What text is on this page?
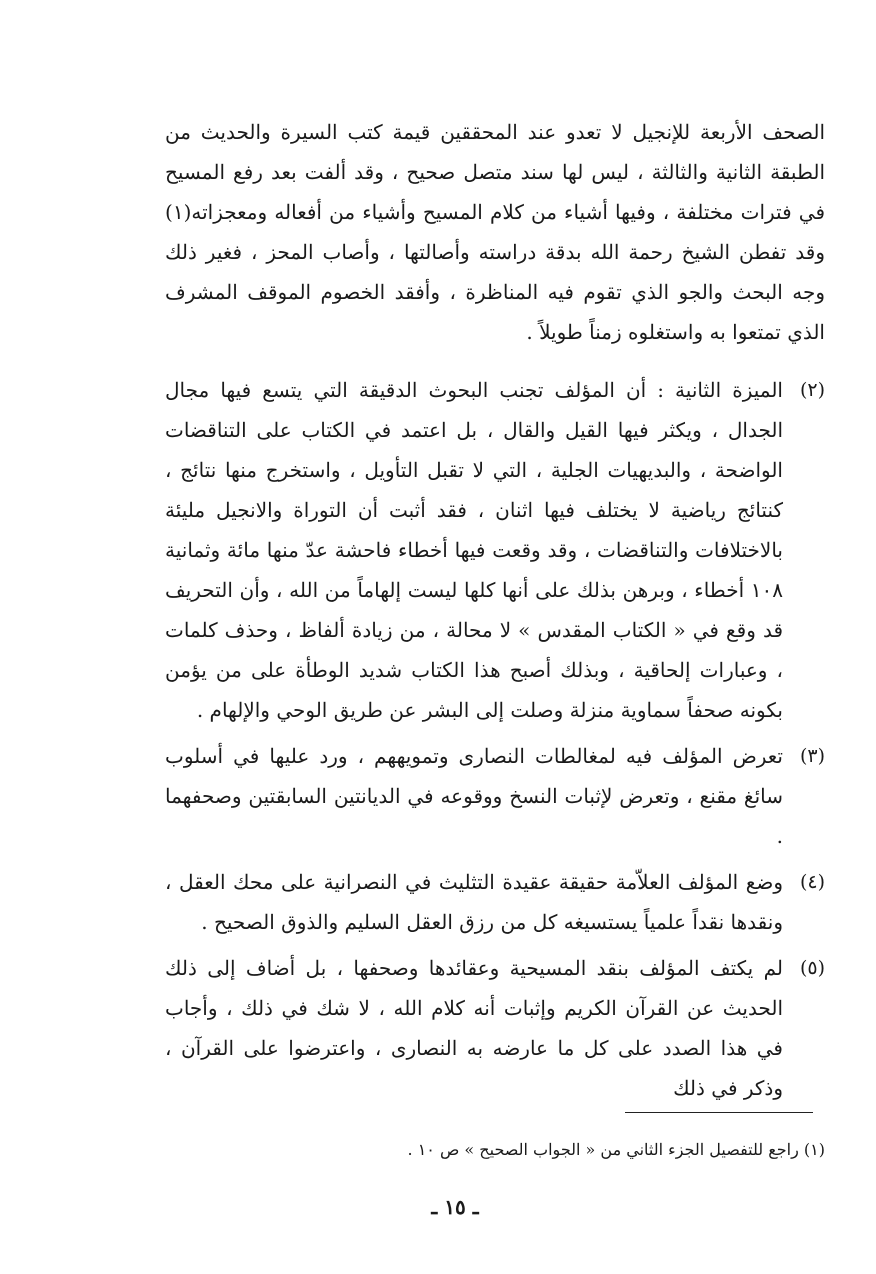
الصحف الأربعة للإنجيل لا تعدو عند المحققين قيمة كتب السيرة والحديث من الطبقة الثانية والثالثة ، ليس لها سند متصل صحيح ، وقد ألفت بعد رفع المسيح في فترات مختلفة ، وفيها أشياء من كلام المسيح وأشياء من أفعاله ومعجزاته(١) وقد تفطن الشيخ رحمة الله بدقة دراسته وأصالتها ، وأصاب المحز ، فغير ذلك وجه البحث والجو الذي تقوم فيه المناظرة ، وأفقد الخصوم الموقف المشرف الذي تمتعوا به واستغلوه زمناً طويلاً .

(٢)

الميزة الثانية : أن المؤلف تجنب البحوث الدقيقة التي يتسع فيها مجال الجدال ، ويكثر فيها القيل والقال ، بل اعتمد في الكتاب على التناقضات الواضحة ، والبديهيات الجلية ، التي لا تقبل التأويل ، واستخرج منها نتائج ، كنتائج رياضية لا يختلف فيها اثنان ، فقد أثبت أن التوراة والانجيل مليئة بالاختلافات والتناقضات ، وقد وقعت فيها أخطاء فاحشة عدّ منها مائة وثمانية ١٠٨ أخطاء ، وبرهن بذلك على أنها كلها ليست إلهاماً من الله ، وأن التحريف قد وقع في « الكتاب المقدس » لا محالة ، من زيادة ألفاظ ، وحذف كلمات ، وعبارات إلحاقية ، وبذلك أصبح هذا الكتاب شديد الوطأة على من يؤمن بكونه صحفاً سماوية منزلة وصلت إلى البشر عن طريق الوحي والإلهام .

(٣)

تعرض المؤلف فيه لمغالطات النصارى وتمويههم ، ورد عليها في أسلوب سائغ مقنع ، وتعرض لإثبات النسخ ووقوعه في الديانتين السابقتين وصحفهما .

(٤)

وضع المؤلف العلاّمة حقيقة عقيدة التثليث في النصرانية على محك العقل ، ونقدها نقداً علمياً يستسيغه كل من رزق العقل السليم والذوق الصحيح .

(٥)

لم يكتف المؤلف بنقد المسيحية وعقائدها وصحفها ، بل أضاف إلى ذلك الحديث عن القرآن الكريم وإثبات أنه كلام الله ، لا شك في ذلك ، وأجاب في هذا الصدد على كل ما عارضه به النصارى ، واعترضوا على القرآن ، وذكر في ذلك

(١) راجع للتفصيل الجزء الثاني من « الجواب الصحيح » ص ١٠ .

ـ ١٥ ـ
